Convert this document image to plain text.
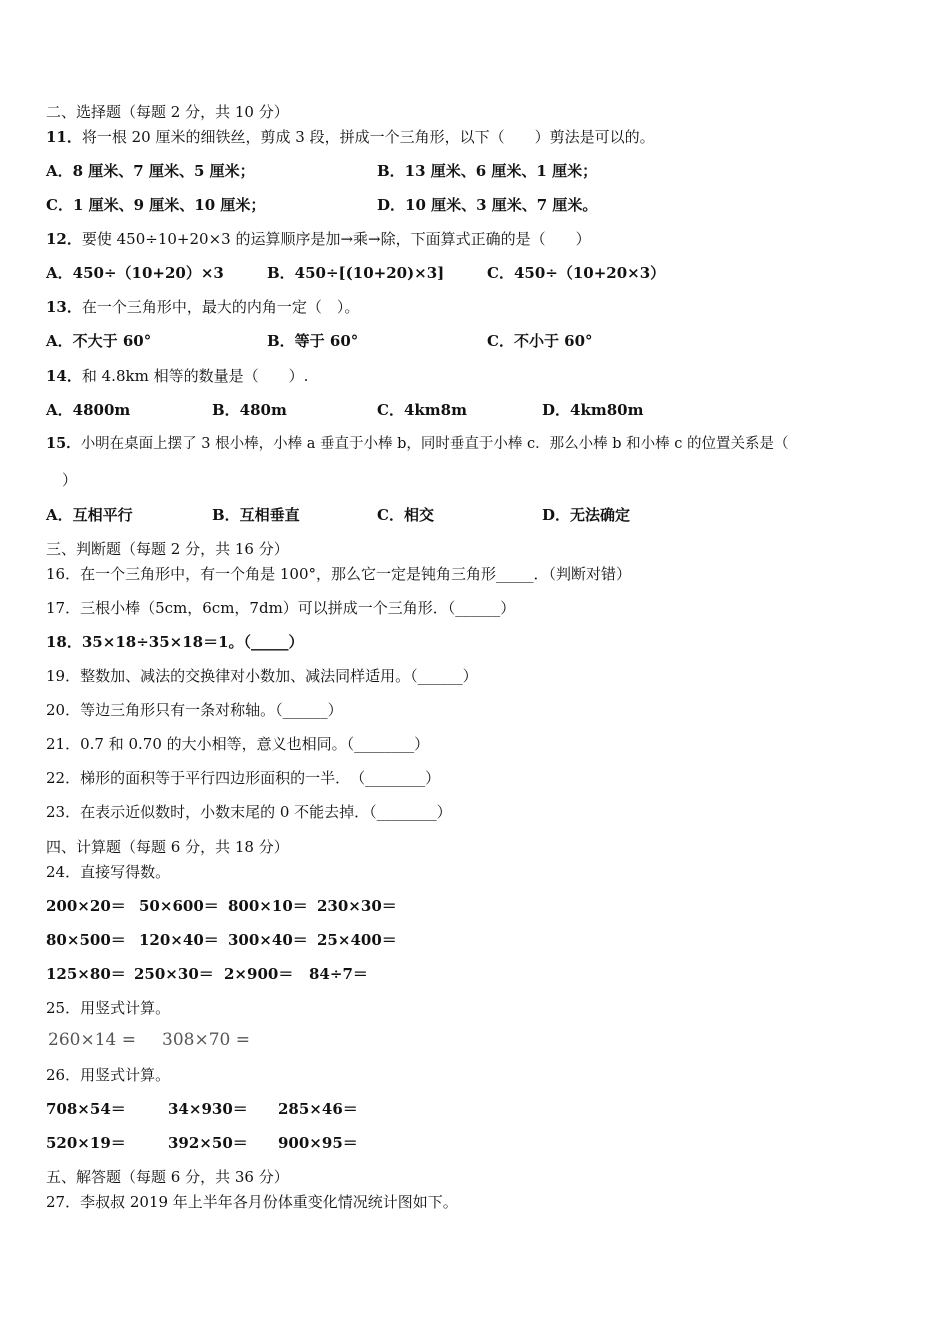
二、选择题（每题 2 分，共 10 分）
11．将一根 20 厘米的细铁丝，剪成 3 段，拼成一个三角形，以下（　　）剪法是可以的。
A．8 厘米、7 厘米、5 厘米；	B．13 厘米、6 厘米、1 厘米；
C．1 厘米、9 厘米、10 厘米；	D．10 厘米、3 厘米、7 厘米。
12．要使 450÷10+20×3 的运算顺序是加→乘→除，下面算式正确的是（　　）
A．450÷（10+20）×3	B．450÷[(10+20)×3]	C．450÷（10+20×3）
13．在一个三角形中，最大的内角一定（　）。
A．不大于 60°	B．等于 60°	C．不小于 60°
14．和 4.8km 相等的数量是（　　）.
A．4800m	B．480m	C．4km8m	D．4km80m
15．小明在桌面上摆了 3 根小棒，小棒 a 垂直于小棒 b，同时垂直于小棒 c．那么小棒 b 和小棒 c 的位置关系是（
）
A．互相平行	B．互相垂直	C．相交	D．无法确定
三、判断题（每题 2 分，共 16 分）
16．在一个三角形中，有一个角是 100°，那么它一定是钝角三角形_____．（判断对错）
17．三根小棒（5cm，6cm，7dm）可以拼成一个三角形．（______）
18．35×18÷35×18＝1。（_____）
19．整数加、减法的交换律对小数加、减法同样适用。（______）
20．等边三角形只有一条对称轴。（______）
21．0.7 和 0.70 的大小相等，意义也相同。（________）
22．梯形的面积等于平行四边形面积的一半．　（________）
23．在表示近似数时，小数末尾的 0 不能去掉．（________）
四、计算题（每题 6 分，共 18 分）
24．直接写得数。
200×20＝ 50×600＝ 800×10＝ 230×30＝
80×500＝ 120×40＝ 300×40＝ 25×400＝
125×80＝ 250×30＝ 2×900＝ 84÷7＝
25．用竖式计算。
260×14 = 308×70 =
26．用竖式计算。
708×54＝	34×930＝ 285×46＝
520×19＝	392×50＝ 900×95＝
五、解答题（每题 6 分，共 36 分）
27．李叔叔 2019 年上半年各月份体重变化情况统计图如下。
